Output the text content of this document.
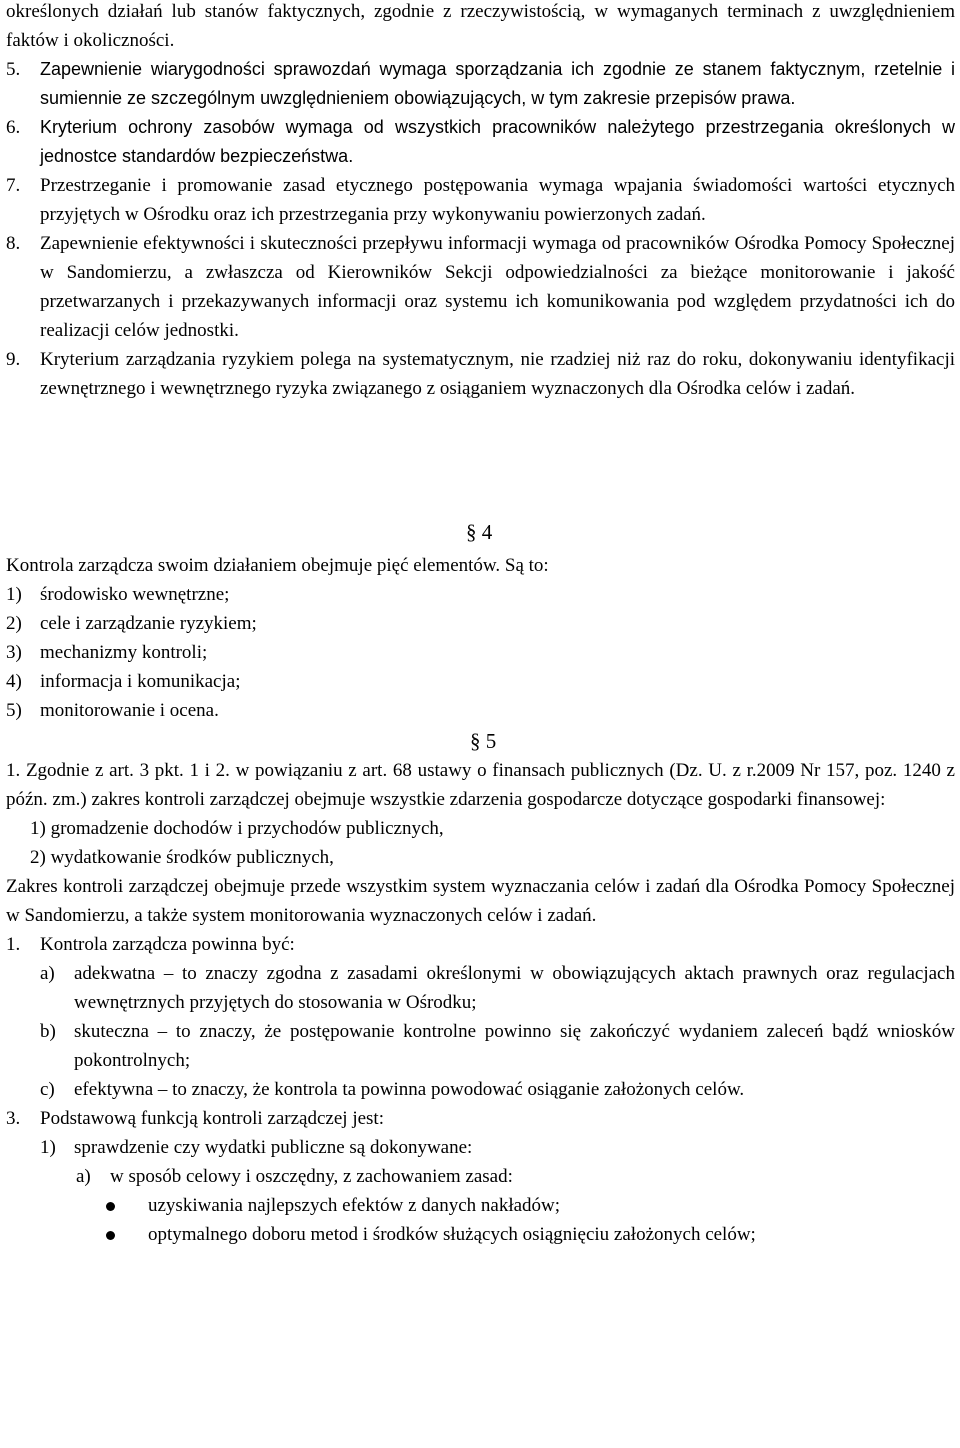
określonych działań lub stanów faktycznych, zgodnie z rzeczywistością, w wymaganych terminach z uwzględnieniem faktów i okoliczności.

5.	Zapewnienie wiarygodności sprawozdań wymaga sporządzania ich zgodnie ze stanem faktycznym, rzetelnie i sumiennie ze szczególnym uwzględnieniem obowiązujących, w tym zakresie przepisów prawa.
6.	Kryterium ochrony zasobów wymaga od wszystkich pracowników należytego przestrzegania określonych w jednostce standardów bezpieczeństwa.
7.	Przestrzeganie i promowanie zasad etycznego postępowania wymaga wpajania świadomości wartości etycznych przyjętych w Ośrodku oraz ich przestrzegania przy wykonywaniu powierzonych zadań.
8.	Zapewnienie efektywności i skuteczności przepływu informacji wymaga od pracowników Ośrodka Pomocy Społecznej w Sandomierzu, a zwłaszcza od Kierowników Sekcji odpowiedzialności za bieżące monitorowanie i jakość przetwarzanych i przekazywanych informacji oraz systemu ich komunikowania pod względem przydatności ich do realizacji celów jednostki.
9.	Kryterium zarządzania ryzykiem polega na systematycznym, nie rzadziej niż raz do roku, dokonywaniu identyfikacji zewnętrznego i wewnętrznego ryzyka związanego z osiąganiem wyznaczonych dla Ośrodka celów i zadań.

§ 4

Kontrola zarządcza swoim działaniem obejmuje pięć elementów. Są to:

1) środowisko wewnętrzne;
2) cele i zarządzanie ryzykiem;
3) mechanizmy kontroli;
4) informacja i komunikacja;
5) monitorowanie i ocena.

§ 5

1. Zgodnie z art. 3 pkt. 1 i 2. w powiązaniu z art. 68 ustawy o finansach publicznych (Dz. U. z r.2009 Nr 157, poz. 1240 z późn. zm.) zakres kontroli zarządczej obejmuje wszystkie zdarzenia gospodarcze dotyczące gospodarki finansowej:

1) gromadzenie dochodów i przychodów publicznych,

2) wydatkowanie środków publicznych,

Zakres kontroli zarządczej obejmuje przede wszystkim system wyznaczania celów i zadań dla Ośrodka Pomocy Społecznej w Sandomierzu, a także system monitorowania wyznaczonych celów i zadań.

1.	Kontrola zarządcza powinna być:
a)	adekwatna – to znaczy zgodna z zasadami określonymi w obowiązujących aktach prawnych oraz regulacjach wewnętrznych przyjętych do stosowania w Ośrodku;
b) skuteczna – to znaczy, że postępowanie kontrolne powinno się zakończyć wydaniem zaleceń bądź wniosków pokontrolnych;
c)	efektywna – to znaczy, że kontrola ta powinna powodować osiąganie założonych celów.
3.	Podstawową funkcją kontroli zarządczej jest:
1) sprawdzenie czy wydatki publiczne są dokonywane:
a)	w sposób celowy i oszczędny, z zachowaniem zasad:
uzyskiwania najlepszych efektów z danych nakładów;
optymalnego doboru metod i środków służących osiągnięciu założonych celów;
